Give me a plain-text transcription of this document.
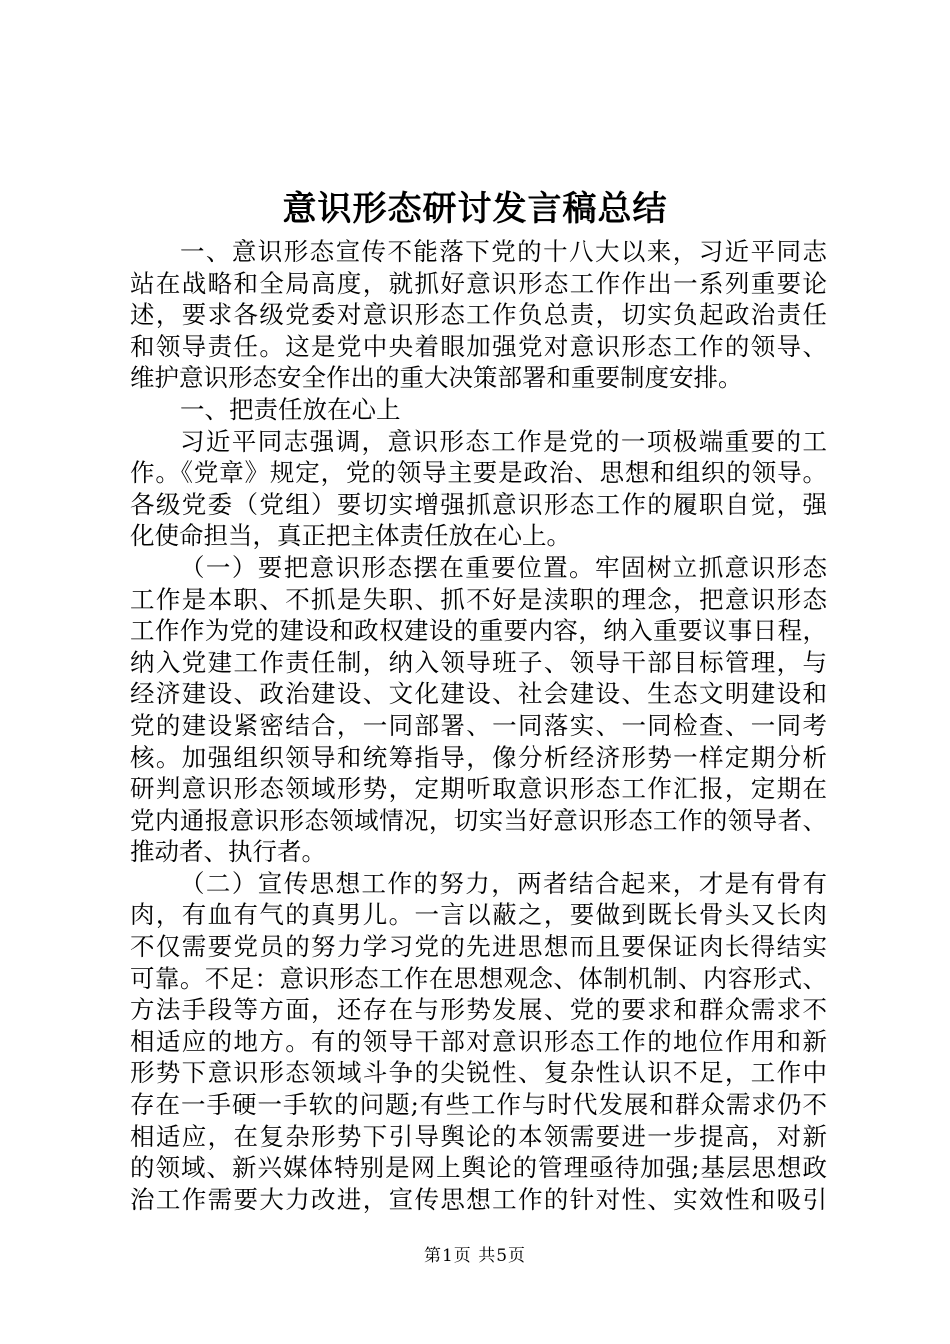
意识形态研讨发言稿总结
一、意识形态宣传不能落下党的十八大以来，习近平同志
站在战略和全局高度，就抓好意识形态工作作出一系列重要论
述，要求各级党委对意识形态工作负总责，切实负起政治责任
和领导责任。这是党中央着眼加强党对意识形态工作的领导、
维护意识形态安全作出的重大决策部署和重要制度安排。
一、把责任放在心上
习近平同志强调，意识形态工作是党的一项极端重要的工
作。《党章》规定，党的领导主要是政治、思想和组织的领导。
各级党委（党组）要切实增强抓意识形态工作的履职自觉，强
化使命担当，真正把主体责任放在心上。
（一）要把意识形态摆在重要位置。牢固树立抓意识形态
工作是本职、不抓是失职、抓不好是渎职的理念，把意识形态
工作作为党的建设和政权建设的重要内容，纳入重要议事日程，
纳入党建工作责任制，纳入领导班子、领导干部目标管理，与
经济建设、政治建设、文化建设、社会建设、生态文明建设和
党的建设紧密结合，一同部署、一同落实、一同检查、一同考
核。加强组织领导和统筹指导，像分析经济形势一样定期分析
研判意识形态领域形势，定期听取意识形态工作汇报，定期在
党内通报意识形态领域情况，切实当好意识形态工作的领导者、
推动者、执行者。
（二）宣传思想工作的努力，两者结合起来，才是有骨有
肉，有血有气的真男儿。一言以蔽之，要做到既长骨头又长肉
不仅需要党员的努力学习党的先进思想而且要保证肉长得结实
可靠。不足：意识形态工作在思想观念、体制机制、内容形式、
方法手段等方面，还存在与形势发展、党的要求和群众需求不
相适应的地方。有的领导干部对意识形态工作的地位作用和新
形势下意识形态领域斗争的尖锐性、复杂性认识不足，工作中
存在一手硬一手软的问题;有些工作与时代发展和群众需求仍不
相适应，在复杂形势下引导舆论的本领需要进一步提高，对新
的领域、新兴媒体特别是网上舆论的管理亟待加强;基层思想政
治工作需要大力改进，宣传思想工作的针对性、实效性和吸引
第1页 共5页
